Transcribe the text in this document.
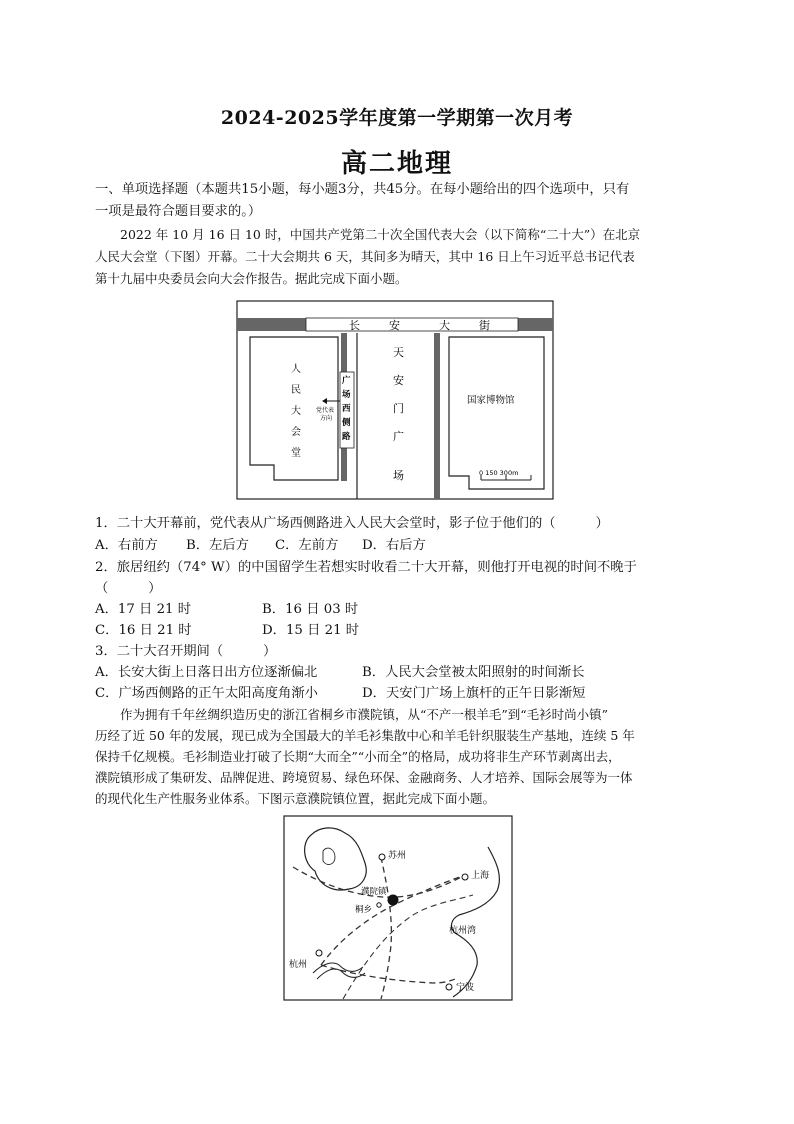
2024-2025学年度第一学期第一次月考
高二地理
一、单项选择题（本题共15小题，每小题3分，共45分。在每小题给出的四个选项中，只有
一项是最符合题目要求的。）
2022 年 10 月 16 日 10 时，中国共产党第二十次全国代表大会（以下简称“二十大”）在北京
人民大会堂（下图）开幕。二十大会期共 6 天，其间多为晴天，其中 16 日上午习近平总书记代表
第十九届中央委员会向大会作报告。据此完成下面小题。
长	安	大	街
人
民
大
会
堂
广
场
西
侧
路
党代表
方向
天
安
门
广
场
国家博物馆
0 150 300m
1．二十大开幕前，党代表从广场西侧路进入人民大会堂时，影子位于他们的（　　　）
A．右前方 B．左后方 C．左前方 D．右后方
2．旅居纽约（74° W）的中国留学生若想实时收看二十大开幕，则他打开电视的时间不晚于
（　　　）
A．17 日 21 时	B．16 日 03 时
C．16 日 21 时	D．15 日 21 时
3．二十大召开期间（　　　）
A．长安大街上日落日出方位逐渐偏北	B．人民大会堂被太阳照射的时间渐长
C．广场西侧路的正午太阳高度角渐小	D．天安门广场上旗杆的正午日影渐短
作为拥有千年丝绸织造历史的浙江省桐乡市濮院镇，从“不产一根羊毛”到“毛衫时尚小镇”
历经了近 50 年的发展，现已成为全国最大的羊毛衫集散中心和羊毛针织服装生产基地，连续 5 年
保持千亿规模。毛衫制造业打破了长期“大而全”“小而全”的格局，成功将非生产环节剥离出去，
濮院镇形成了集研发、品牌促进、跨境贸易、绿色环保、金融商务、人才培养、国际会展等为一体
的现代化生产性服务业体系。下图示意濮院镇位置，据此完成下面小题。
苏州
上海
濮院镇
桐乡
杭州湾
杭州
宁波
